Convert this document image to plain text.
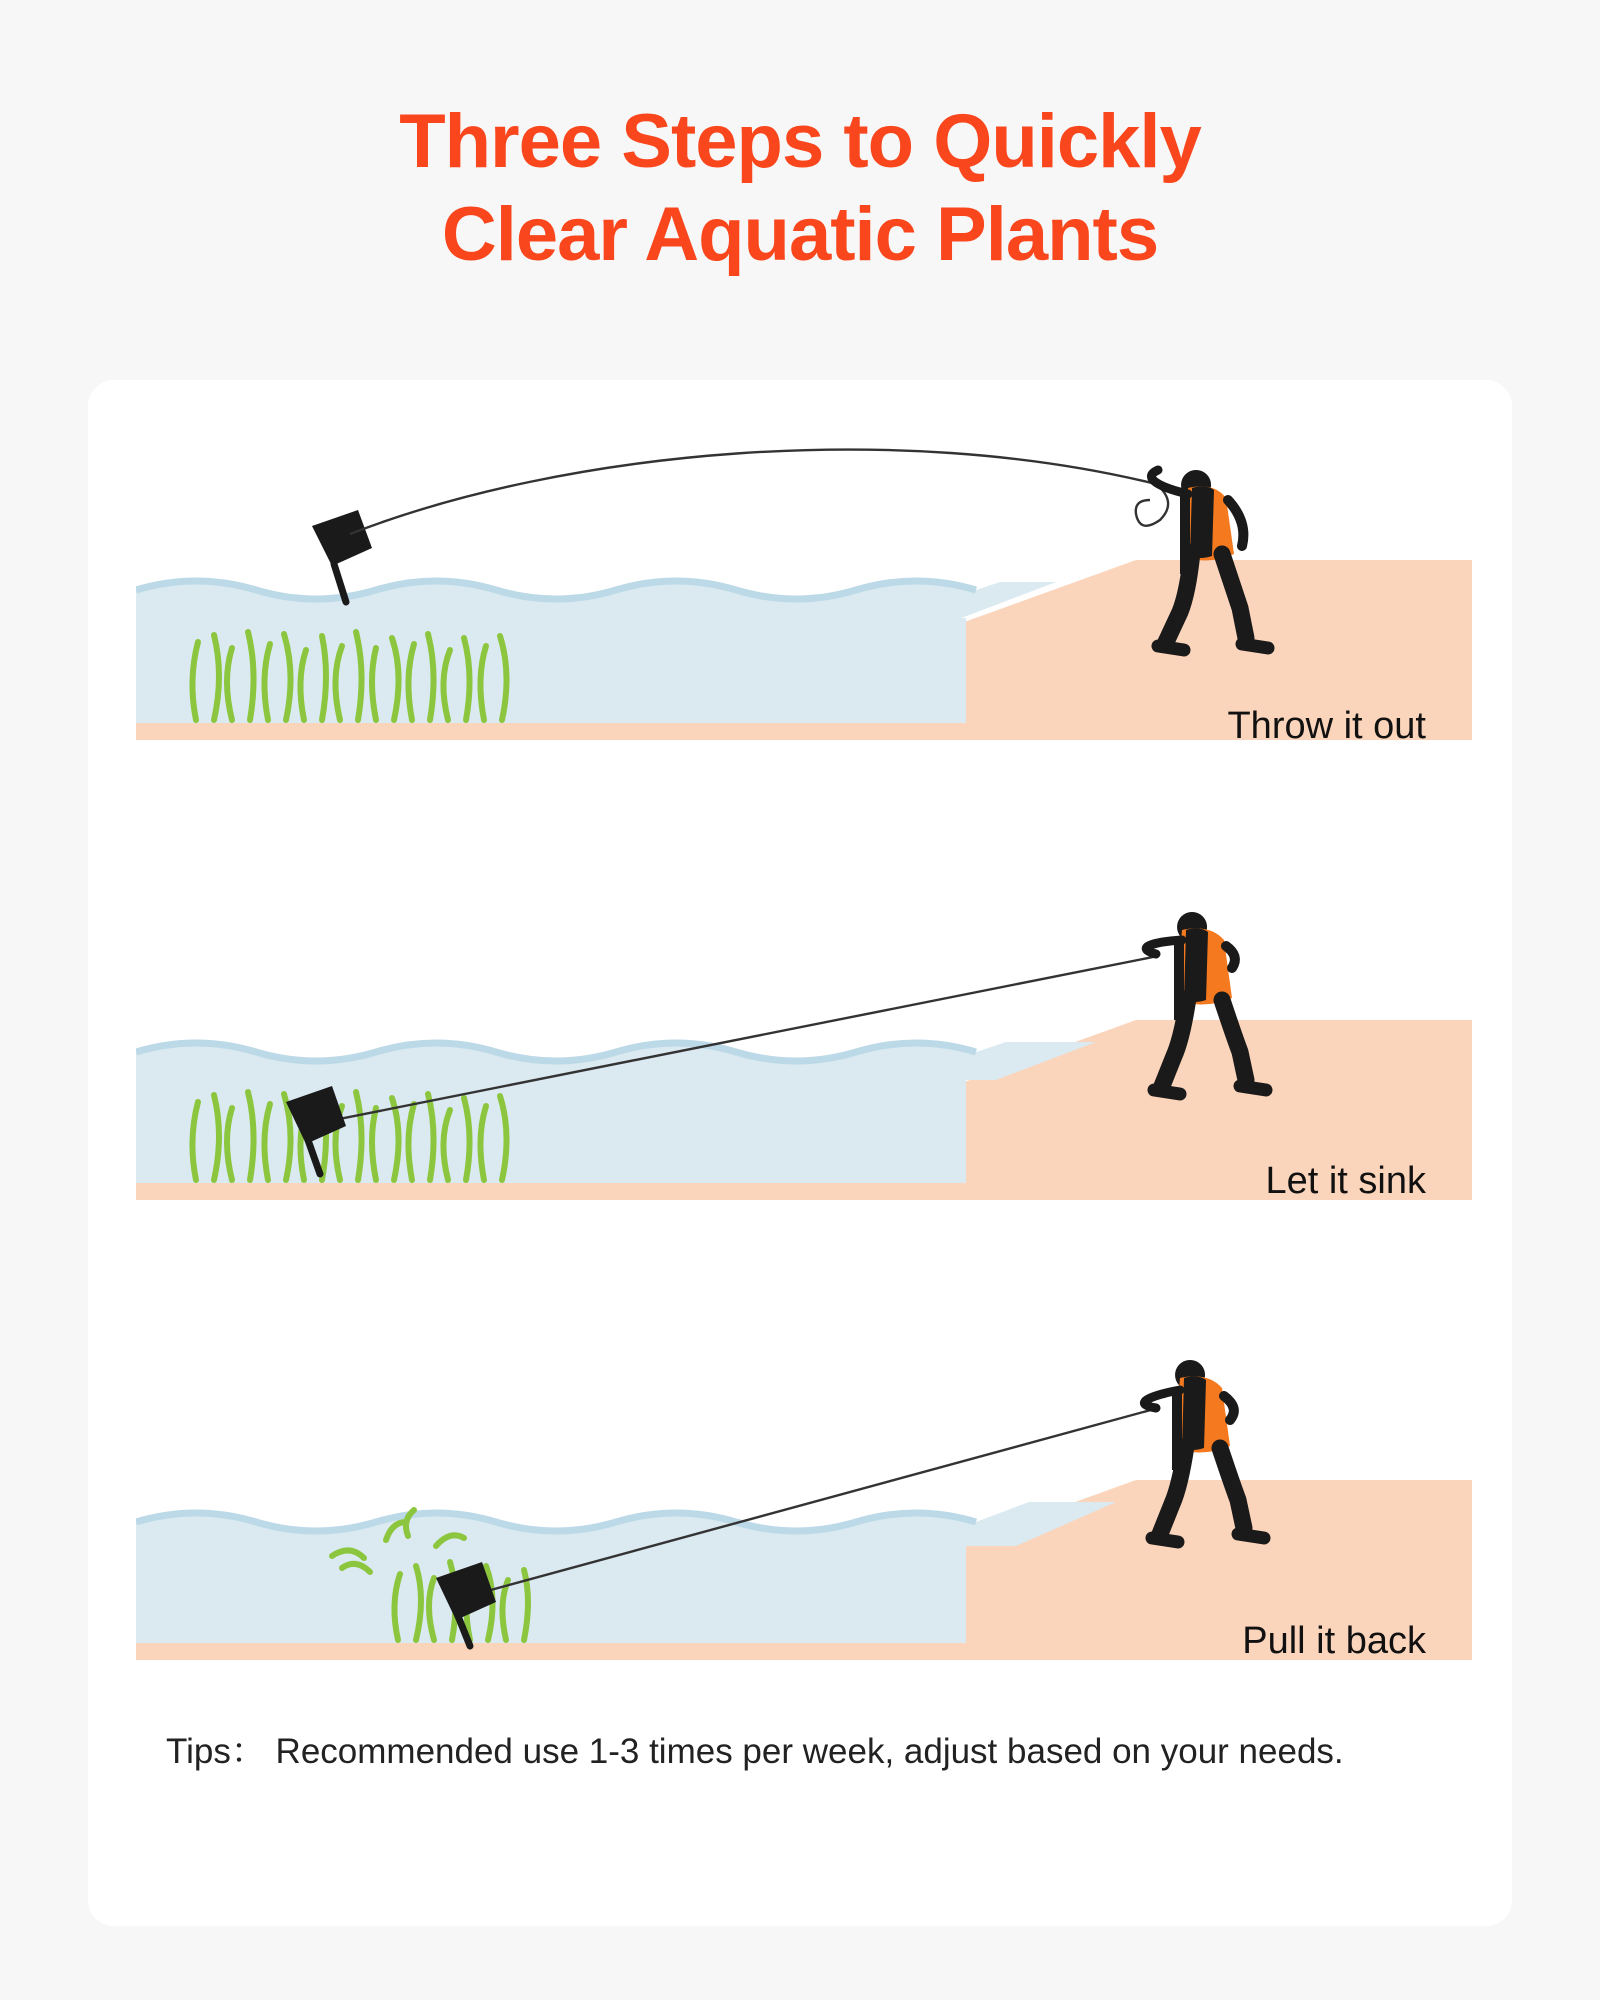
Three Steps to Quickly
Clear Aquatic Plants
Throw it out
Let it sink
Pull it back
Tips： Recommended use 1-3 times per week, adjust based on your needs.
